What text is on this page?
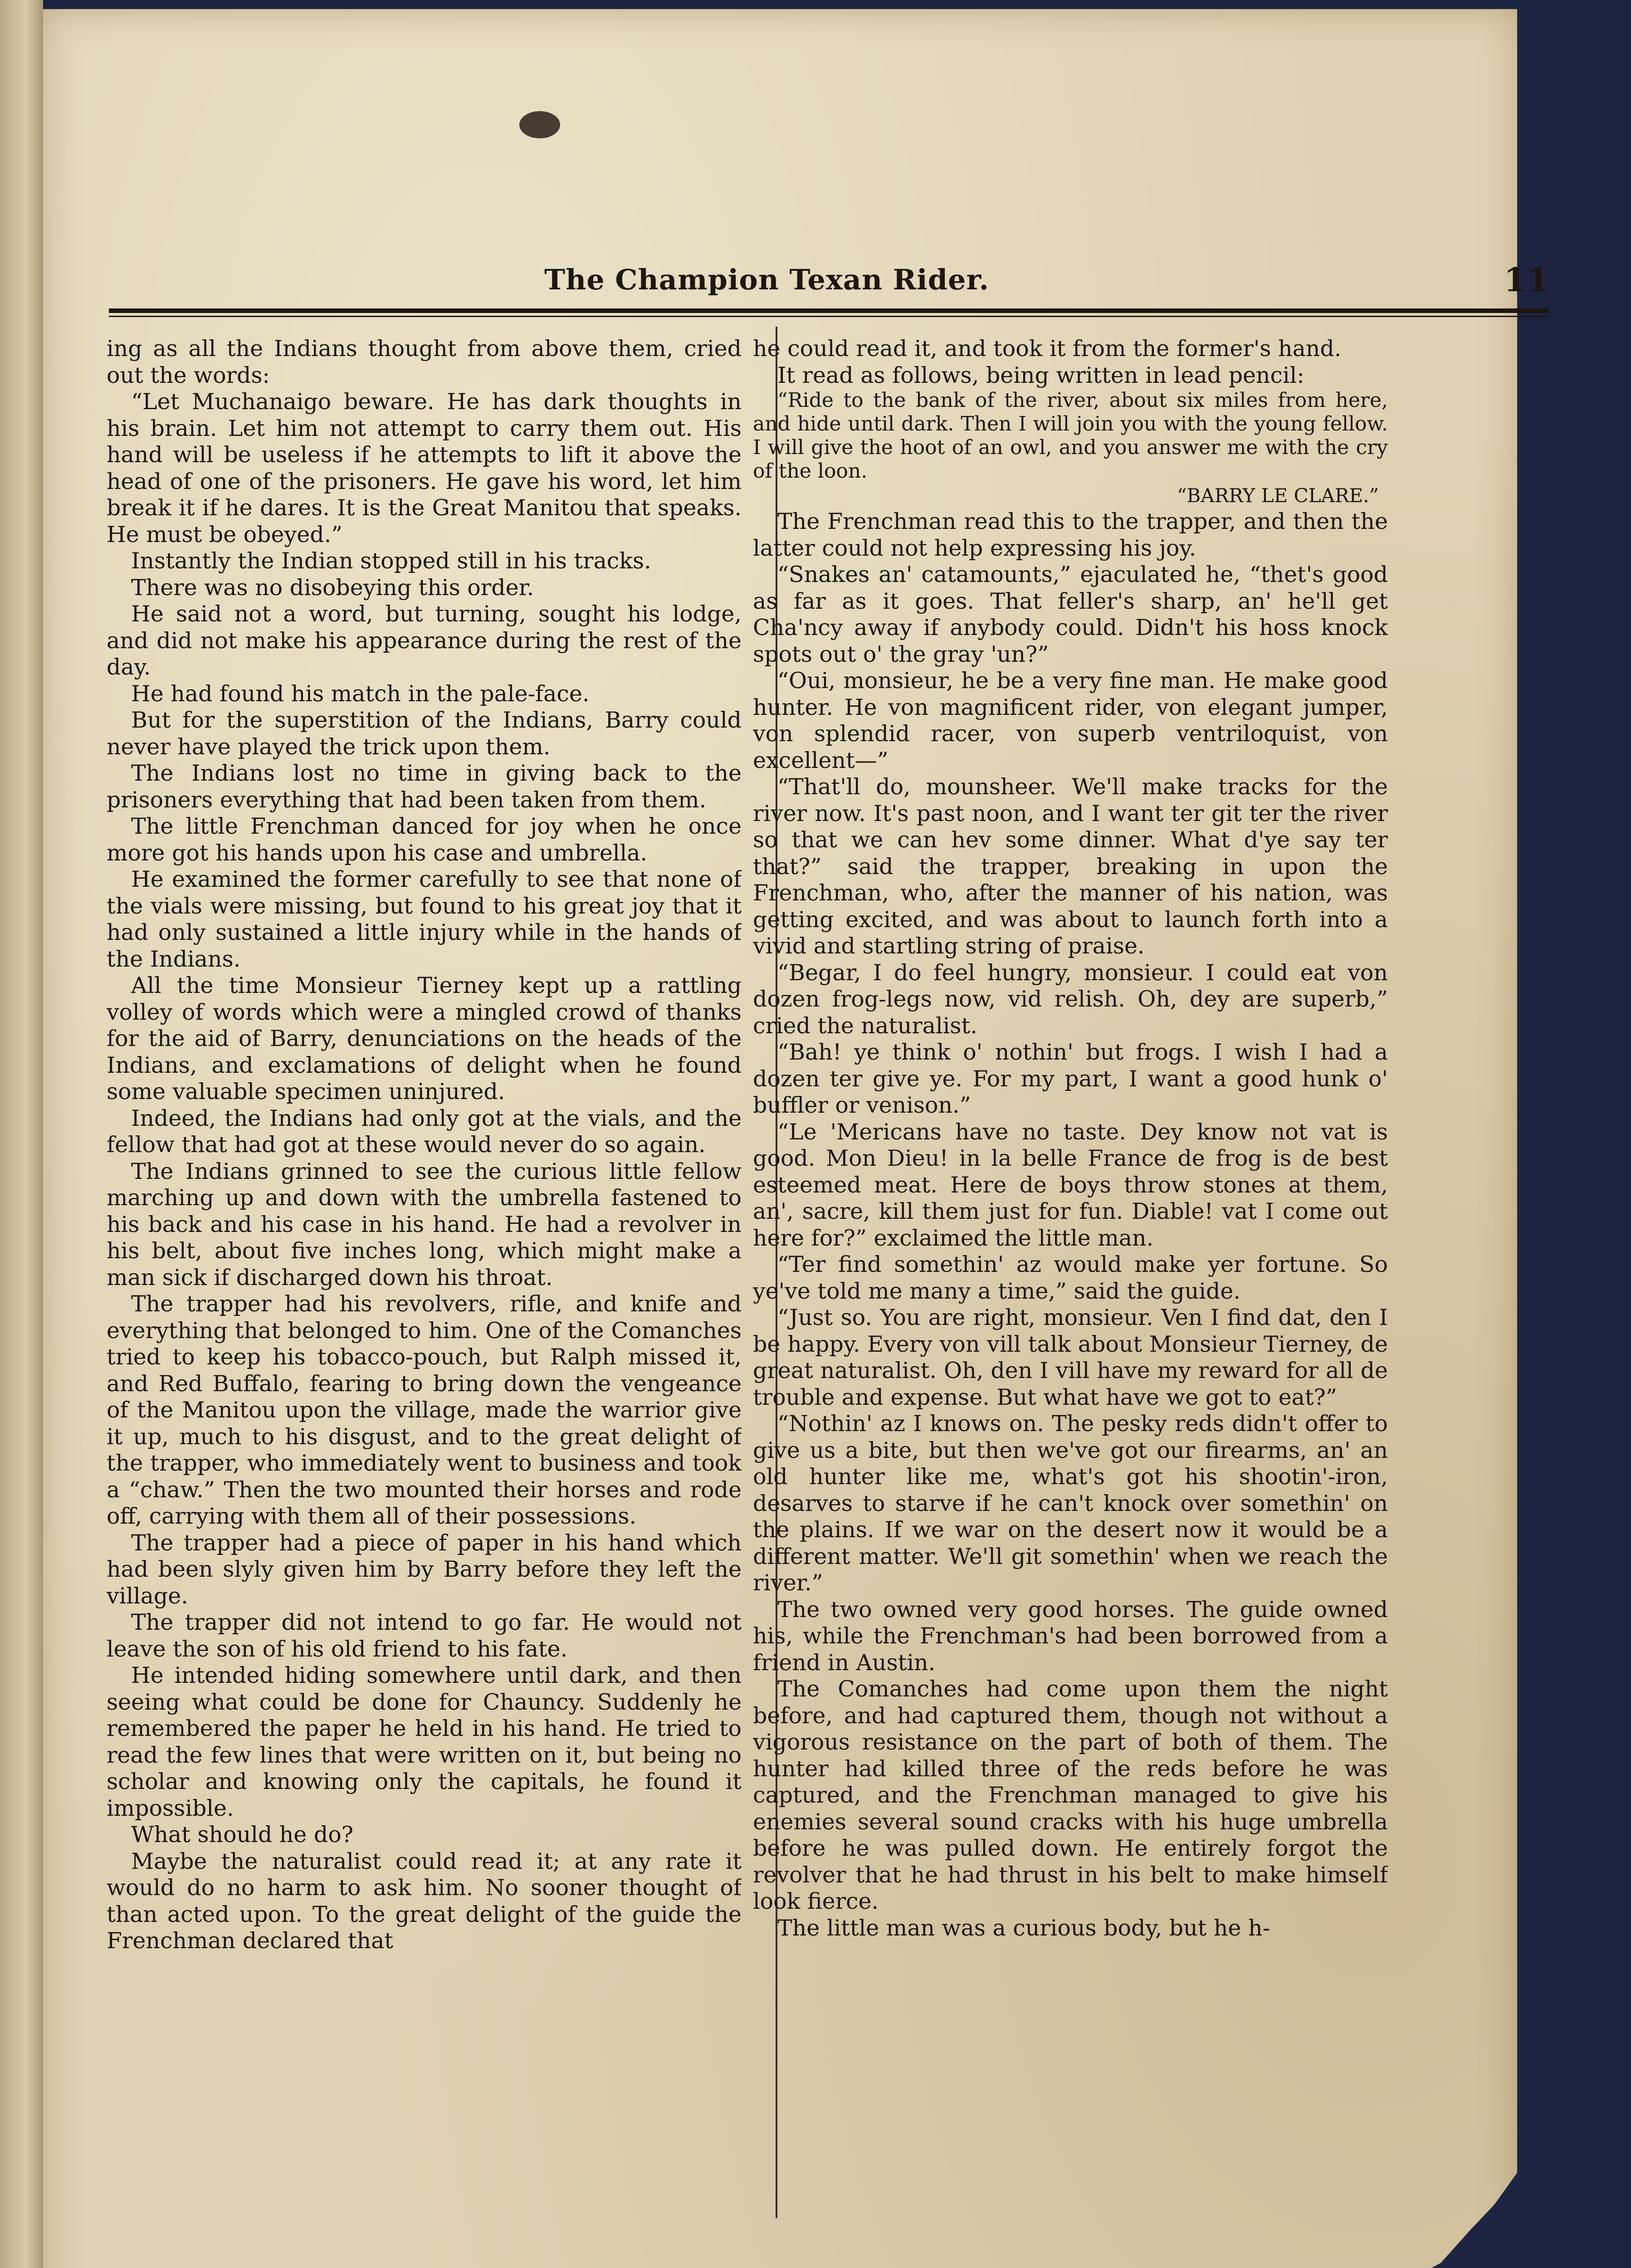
The Champion Texan Rider.	11

ing as all the Indians thought from above them, cried out the words:

“Let Muchanaigo beware. He has dark thoughts in his brain. Let him not attempt to carry them out. His hand will be useless if he attempts to lift it above the head of one of the prisoners. He gave his word, let him break it if he dares. It is the Great Manitou that speaks. He must be obeyed.”

Instantly the Indian stopped still in his tracks.

There was no disobeying this order.

He said not a word, but turning, sought his lodge, and did not make his appearance during the rest of the day.

He had found his match in the pale-face.

But for the superstition of the Indians, Barry could never have played the trick upon them.

The Indians lost no time in giving back to the prisoners everything that had been taken from them.

The little Frenchman danced for joy when he once more got his hands upon his case and umbrella.

He examined the former carefully to see that none of the vials were missing, but found to his great joy that it had only sustained a little injury while in the hands of the Indians.

All the time Monsieur Tierney kept up a rattling volley of words which were a mingled crowd of thanks for the aid of Barry, denunciations on the heads of the Indians, and exclamations of delight when he found some valuable specimen uninjured.

Indeed, the Indians had only got at the vials, and the fellow that had got at these would never do so again.

The Indians grinned to see the curious little fellow marching up and down with the umbrella fastened to his back and his case in his hand. He had a revolver in his belt, about five inches long, which might make a man sick if discharged down his throat.

The trapper had his revolvers, rifle, and knife and everything that belonged to him. One of the Comanches tried to keep his tobacco-pouch, but Ralph missed it, and Red Buffalo, fearing to bring down the vengeance of the Manitou upon the village, made the warrior give it up, much to his disgust, and to the great delight of the trapper, who immediately went to business and took a “chaw.” Then the two mounted their horses and rode off, carrying with them all of their possessions.

The trapper had a piece of paper in his hand which had been slyly given him by Barry before they left the village.

The trapper did not intend to go far. He would not leave the son of his old friend to his fate.

He intended hiding somewhere until dark, and then seeing what could be done for Chauncy. Suddenly he remembered the paper he held in his hand. He tried to read the few lines that were written on it, but being no scholar and knowing only the capitals, he found it impossible.

What should he do?

Maybe the naturalist could read it; at any rate it would do no harm to ask him. No sooner thought of than acted upon. To the great delight of the guide the Frenchman declared that

he could read it, and took it from the former's hand.

It read as follows, being written in lead pencil:

“Ride to the bank of the river, about six miles from here, and hide until dark. Then I will join you with the young fellow. I will give the hoot of an owl, and you answer me with the cry of the loon.

“BARRY LE CLARE.”

The Frenchman read this to the trapper, and then the latter could not help expressing his joy.

“Snakes an' catamounts,” ejaculated he, “thet's good as far as it goes. That feller's sharp, an' he'll get Cha'ncy away if anybody could. Didn't his hoss knock spots out o' the gray 'un?”

“Oui, monsieur, he be a very fine man. He make good hunter. He von magnificent rider, von elegant jumper, von splendid racer, von superb ventriloquist, von excellent—”

“That'll do, mounsheer. We'll make tracks for the river now. It's past noon, and I want ter git ter the river so that we can hev some dinner. What d'ye say ter that?” said the trapper, breaking in upon the Frenchman, who, after the manner of his nation, was getting excited, and was about to launch forth into a vivid and startling string of praise.

“Begar, I do feel hungry, monsieur. I could eat von dozen frog-legs now, vid relish. Oh, dey are superb,” cried the naturalist.

“Bah! ye think o' nothin' but frogs. I wish I had a dozen ter give ye. For my part, I want a good hunk o' buffler or venison.”

“Le 'Mericans have no taste. Dey know not vat is good. Mon Dieu! in la belle France de frog is de best esteemed meat. Here de boys throw stones at them, an', sacre, kill them just for fun. Diable! vat I come out here for?” exclaimed the little man.

“Ter find somethin' az would make yer fortune. So ye've told me many a time,” said the guide.

“Just so. You are right, monsieur. Ven I find dat, den I be happy. Every von vill talk about Monsieur Tierney, de great naturalist. Oh, den I vill have my reward for all de trouble and expense. But what have we got to eat?”

“Nothin' az I knows on. The pesky reds didn't offer to give us a bite, but then we've got our firearms, an' an old hunter like me, what's got his shootin'-iron, desarves to starve if he can't knock over somethin' on the plains. If we war on the desert now it would be a different matter. We'll git somethin' when we reach the river.”

The two owned very good horses. The guide owned his, while the Frenchman's had been borrowed from a friend in Austin.

The Comanches had come upon them the night before, and had captured them, though not without a vigorous resistance on the part of both of them. The hunter had killed three of the reds before he was captured, and the Frenchman managed to give his enemies several sound cracks with his huge umbrella before he was pulled down. He entirely forgot the revolver that he had thrust in his belt to make himself look fierce.

The little man was a curious body, but he h-
